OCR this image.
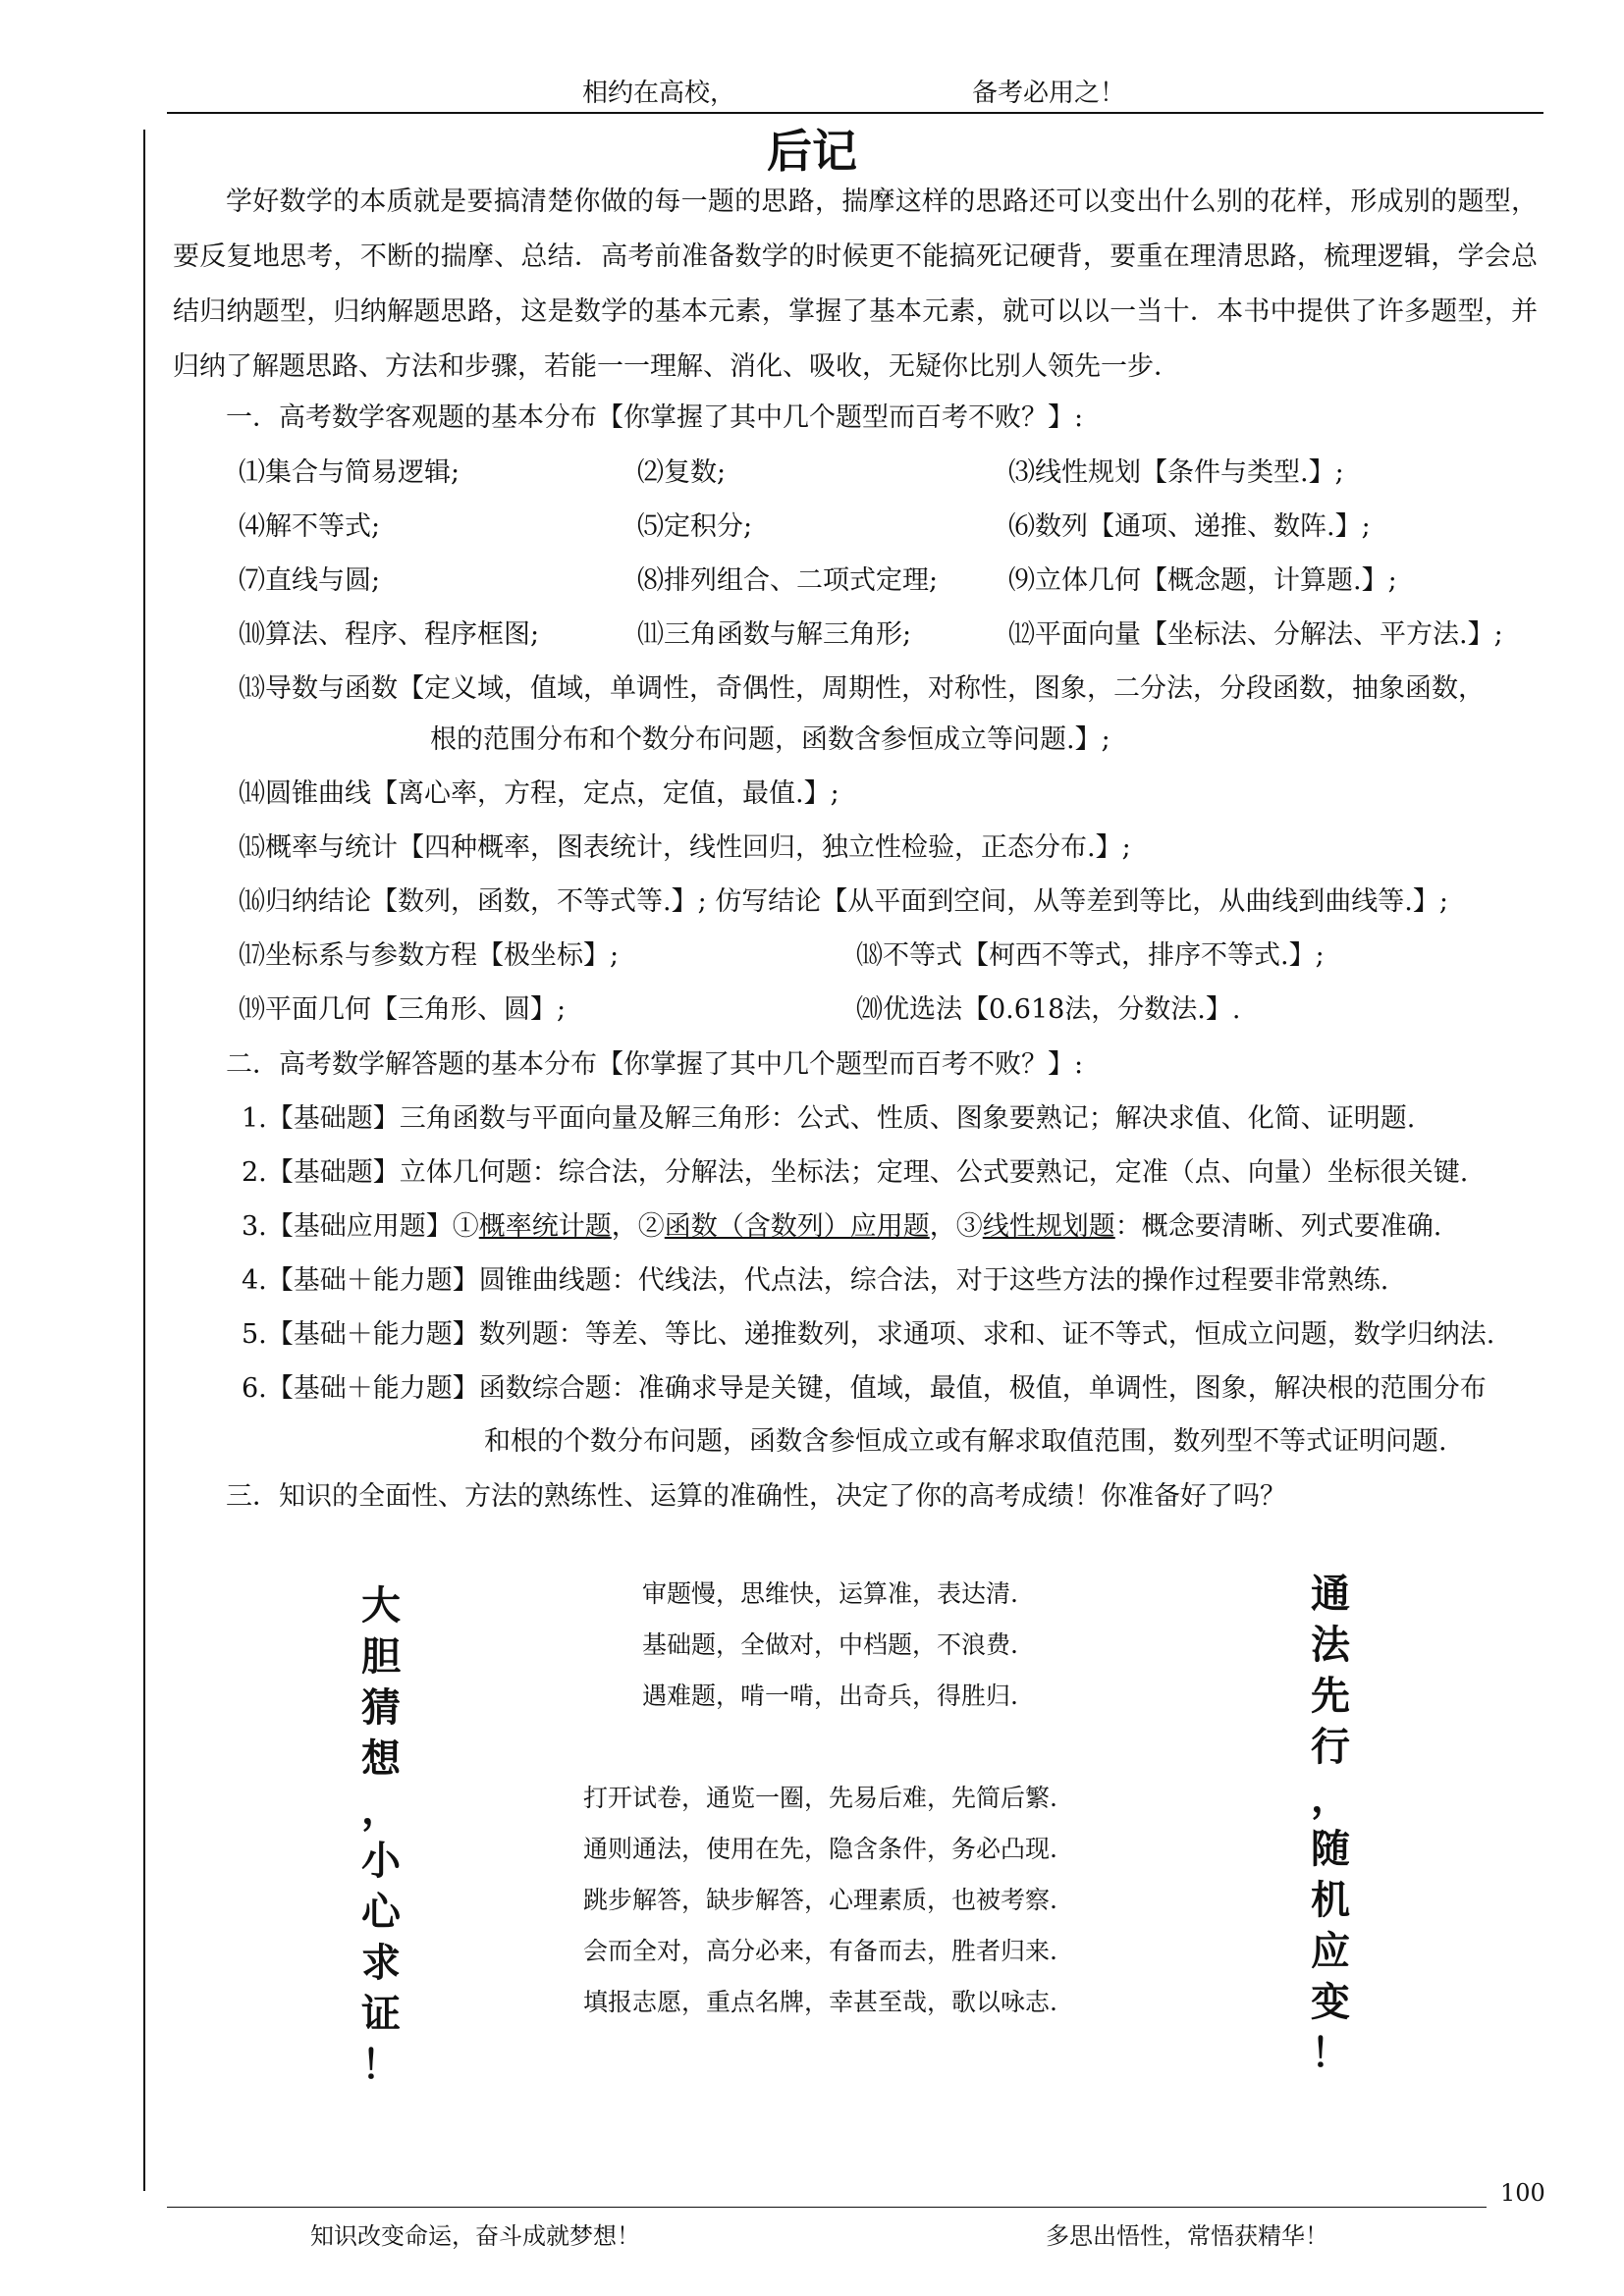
相约在高校，	备考必用之！
后记
学好数学的本质就是要搞清楚你做的每一题的思路，揣摩这样的思路还可以变出什么别的花样，形成别的题型，要反复地思考，不断的揣摩、总结．高考前准备数学的时候更不能搞死记硬背，要重在理清思路，梳理逻辑，学会总结归纳题型，归纳解题思路，这是数学的基本元素，掌握了基本元素，就可以以一当十．本书中提供了许多题型，并归纳了解题思路、方法和步骤，若能一一理解、消化、吸收，无疑你比别人领先一步．
一．高考数学客观题的基本分布【你掌握了其中几个题型而百考不败？】:
⑴集合与简易逻辑;	⑵复数;	⑶线性规划【条件与类型.】;
⑷解不等式;	⑸定积分;	⑹数列【通项、递推、数阵.】;
⑺直线与圆;	⑻排列组合、二项式定理;	⑼立体几何【概念题，计算题.】;
⑽算法、程序、程序框图;	⑾三角函数与解三角形;	⑿平面向量【坐标法、分解法、平方法.】;
⒀导数与函数【定义域，值域，单调性，奇偶性，周期性，对称性，图象，二分法，分段函数，抽象函数，
根的范围分布和个数分布问题，函数含参恒成立等问题.】;
⒁圆锥曲线【离心率，方程，定点，定值，最值.】;
⒂概率与统计【四种概率，图表统计，线性回归，独立性检验，正态分布.】;
⒃归纳结论【数列，函数，不等式等.】; 仿写结论【从平面到空间，从等差到等比，从曲线到曲线等.】;
⒄坐标系与参数方程【极坐标】;	⒅不等式【柯西不等式，排序不等式.】;
⒆平面几何【三角形、圆】;	⒇优选法【0.618法，分数法.】.
二．高考数学解答题的基本分布【你掌握了其中几个题型而百考不败？】:
1.【基础题】三角函数与平面向量及解三角形：公式、性质、图象要熟记；解决求值、化简、证明题.
2.【基础题】立体几何题：综合法，分解法，坐标法；定理、公式要熟记，定准（点、向量）坐标很关键.
3.【基础应用题】①概率统计题，②函数（含数列）应用题，③线性规划题：概念要清晰、列式要准确.
4.【基础＋能力题】圆锥曲线题：代线法，代点法，综合法，对于这些方法的操作过程要非常熟练.
5.【基础＋能力题】数列题：等差、等比、递推数列，求通项、求和、证不等式，恒成立问题，数学归纳法.
6.【基础＋能力题】函数综合题：准确求导是关键，值域，最值，极值，单调性，图象，解决根的范围分布
和根的个数分布问题，函数含参恒成立或有解求取值范围，数列型不等式证明问题.
三．知识的全面性、方法的熟练性、运算的准确性，决定了你的高考成绩！你准备好了吗？
大
胆
猜
想
，
小
心
求
证
！
通
法
先
行
，
随
机
应
变
！
审题慢，思维快，运算准，表达清.
基础题，全做对，中档题，不浪费.
遇难题，啃一啃，出奇兵，得胜归.
打开试卷，通览一圈，先易后难，先简后繁.
通则通法，使用在先，隐含条件，务必凸现.
跳步解答，缺步解答，心理素质，也被考察.
会而全对，高分必来，有备而去，胜者归来.
填报志愿，重点名牌，幸甚至哉，歌以咏志.
100
知识改变命运，奋斗成就梦想！	多思出悟性，常悟获精华！
